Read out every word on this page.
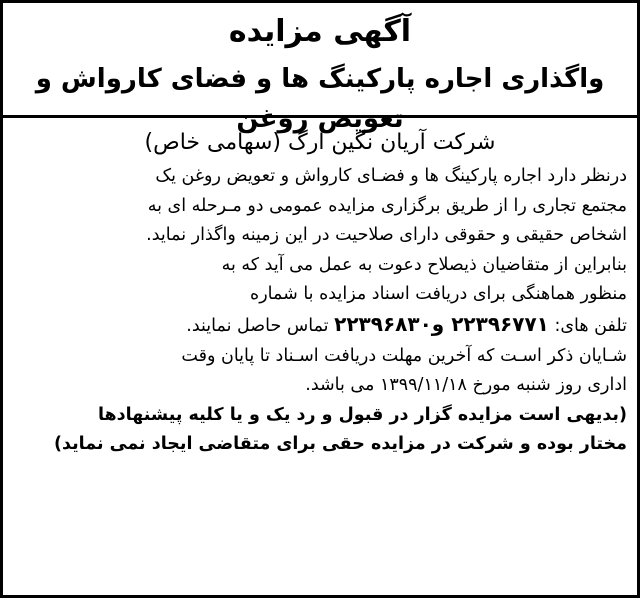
آگهی مزایده
واگذاری اجاره پارکینگ ها و فضای کارواش و تعویض روغن
شرکت آریان نگین ارگ (سهامی خاص)
درنظر دارد اجاره پارکینگ ها و فضـای کارواش و تعویض روغن یک
مجتمع تجاری را از طریق برگزاری مزایده عمومی دو مـرحله ای به
اشخاص حقیقی و حقوقی دارای صلاحیت در این زمینه واگذار نماید.
بنابراین از متقاضیان ذیصلاح دعوت به عمل می آید که به
منظور هماهنگی برای دریافت اسناد مزایده با شماره
تلفن های: ۲۲۳۹۶۷۷۱ و۲۲۳۹۶۸۳۰ تماس حاصل نمایند.
شـایان ذکر اسـت که آخرین مهلت دریافت اسـناد تا پایان وقت
اداری روز شنبه مورخ ۱۳۹۹/۱۱/۱۸ می باشد.
(بدیهی است مزایده گزار در قبول و رد یک و یا کلیه پیشنهادها
مختار بوده و شرکت در مزایده حقی برای متقاضی ایجاد نمی نماید)
